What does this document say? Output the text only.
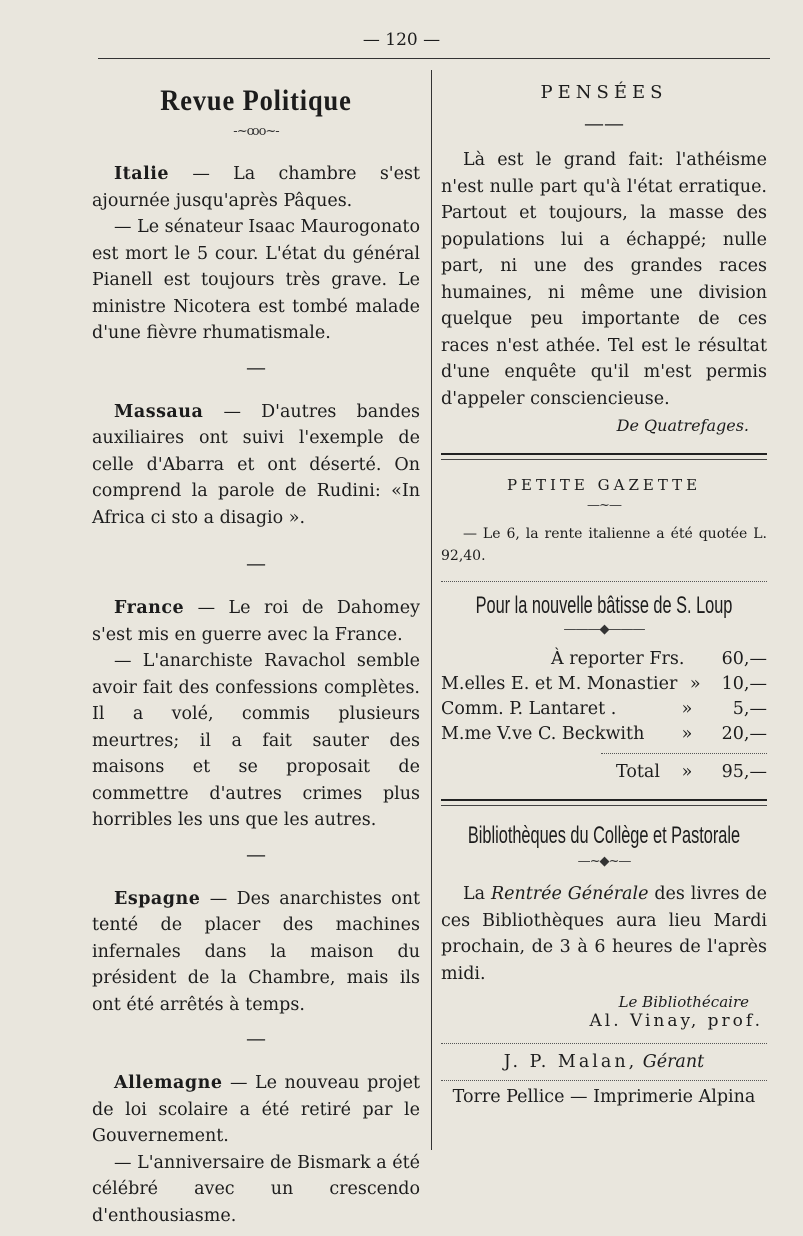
— 120 —
Revue Politique
-~ꝏo~-

Italie — La chambre s'est ajournée jusqu'après Pâques.

— Le sénateur Isaac Maurogonato est mort le 5 cour. L'état du général Pianell est toujours très grave. Le ministre Nicotera est tombé malade d'une fièvre rhumatismale.

—

Massaua — D'autres bandes auxiliaires ont suivi l'exemple de celle d'Abarra et ont déserté. On comprend la parole de Rudini: «In Africa ci sto a disagio ».

—

France — Le roi de Dahomey s'est mis en guerre avec la France.

— L'anarchiste Ravachol semble avoir fait des confessions complètes. Il a volé, commis plusieurs meurtres; il a fait sauter des maisons et se proposait de commettre d'autres crimes plus horribles les uns que les autres.

—

Espagne — Des anarchistes ont tenté de placer des machines infernales dans la maison du président de la Chambre, mais ils ont été arrêtés à temps.

—

Allemagne — Le nouveau projet de loi scolaire a été retiré par le Gouvernement.

— L'anniversaire de Bismark a été célébré avec un crescendo d'enthousiasme.

PENSÉES
——

Là est le grand fait: l'athéisme n'est nulle part qu'à l'état erratique. Partout et toujours, la masse des populations lui a échappé; nulle part, ni une des grandes races humaines, ni même une division quelque peu importante de ces races n'est athée. Tel est le résultat d'une enquête qu'il m'est permis d'appeler consciencieuse.

De Quatrefages.
PETITE GAZETTE
—~—

— Le 6, la rente italienne a été quotée L. 92,40.

Pour la nouvelle bâtisse de S. Loup
———◆———
À reporter Frs.	60,—
M.elles E. et M. Monastier »	10,—
Comm. P. Lantaret .	»	5,—
M.me V.ve C. Beckwith	»	20,—
Total	»	95,—
Bibliothèques du Collège et Pastorale
—~◆~—

La Rentrée Générale des livres de ces Bibliothèques aura lieu Mardi prochain, de 3 à 6 heures de l'après midi.

Le Bibliothécaire
Al. Vinay, prof.
J. P. Malan, Gérant
Torre Pellice — Imprimerie Alpina
